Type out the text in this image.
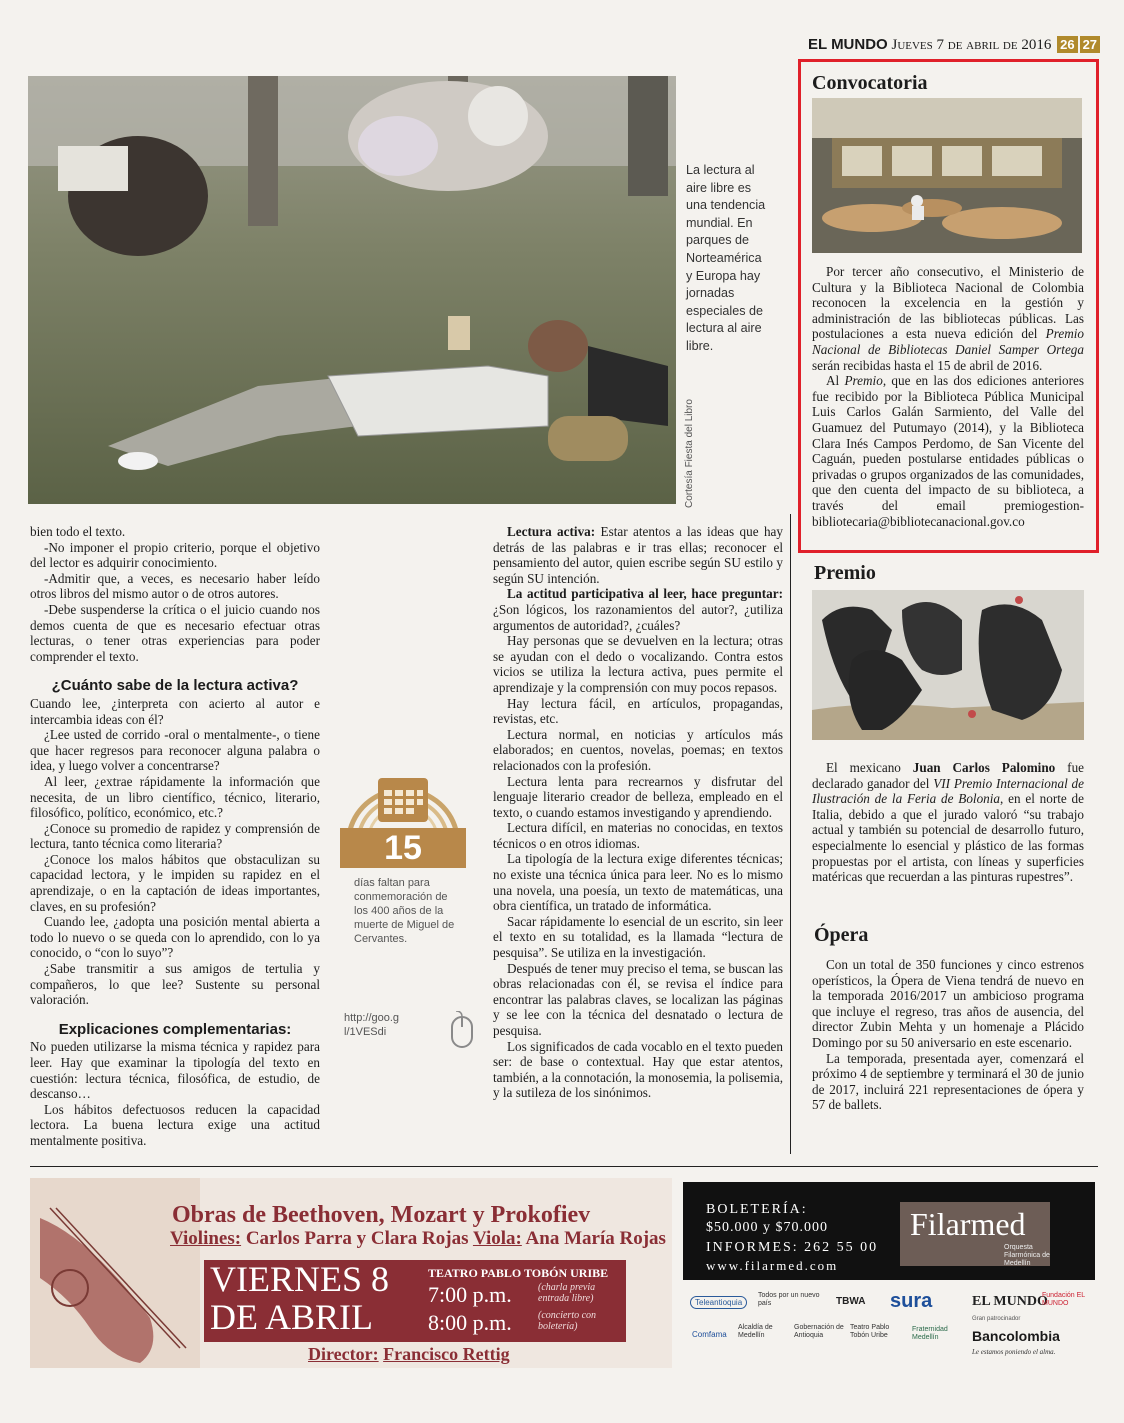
EL MUNDO Jueves 7 de abril de 2016 26 27
La lectura al aire libre es una tendencia mundial. En parques de Norteamérica y Europa hay jornadas especiales de lectura al aire libre.
Cortesía Fiesta del Libro

bien todo el texto.

-No imponer el propio criterio, porque el objetivo del lector es adquirir conocimiento.

-Admitir que, a veces, es necesario haber leído otros libros del mismo autor o de otros autores.

-Debe suspenderse la crítica o el juicio cuando nos demos cuenta de que es necesario efectuar otras lecturas, o tener otras experiencias para poder comprender el texto.

¿Cuánto sabe de la lectura activa?

Cuando lee, ¿interpreta con acierto al autor e intercambia ideas con él?

¿Lee usted de corrido -oral o mentalmente-, o tiene que hacer regresos para reconocer alguna palabra o idea, y luego volver a concentrarse?

Al leer, ¿extrae rápidamente la información que necesita, de un libro científico, técnico, literario, filosófico, político, económico, etc.?

¿Conoce su promedio de rapidez y comprensión de lectura, tanto técnica como literaria?

¿Conoce los malos hábitos que obstaculizan su capacidad lectora, y le impiden su rapidez en el aprendizaje, o en la captación de ideas importantes, claves, en su profesión?

Cuando lee, ¿adopta una posición mental abierta a todo lo nuevo o se queda con lo aprendido, con lo ya conocido, o “con lo suyo”?

¿Sabe transmitir a sus amigos de tertulia y compañeros, lo que lee? Sustente su personal valoración.

Explicaciones complementarias:

No pueden utilizarse la misma técnica y rapidez para leer. Hay que examinar la tipología del texto en cuestión: lectura técnica, filosófica, de estudio, de descanso…

Los hábitos defectuosos reducen la capacidad lectora. La buena lectura exige una actitud mentalmente positiva.

15
días faltan para conmemoración de los 400 años de la muerte de Miguel de Cervantes.
http://goo.gl/1VESdi

Lectura activa: Estar atentos a las ideas que hay detrás de las palabras e ir tras ellas; reconocer el pensamiento del autor, quien escribe según SU estilo y según SU intención.

La actitud participativa al leer, hace preguntar: ¿Son lógicos, los razonamientos del autor?, ¿utiliza argumentos de autoridad?, ¿cuáles?

Hay personas que se devuelven en la lectura; otras se ayudan con el dedo o vocalizando. Contra estos vicios se utiliza la lectura activa, pues permite el aprendizaje y la comprensión con muy pocos repasos.

Hay lectura fácil, en artículos, propagandas, revistas, etc.

Lectura normal, en noticias y artículos más elaborados; en cuentos, novelas, poemas; en textos relacionados con la profesión.

Lectura lenta para recrearnos y disfrutar del lenguaje literario creador de belleza, empleado en el texto, o cuando estamos investigando y aprendiendo.

Lectura difícil, en materias no conocidas, en textos técnicos o en otros idiomas.

La tipología de la lectura exige diferentes técnicas; no existe una técnica única para leer. No es lo mismo una novela, una poesía, un texto de matemáticas, una obra científica, un tratado de informática.

Sacar rápidamente lo esencial de un escrito, sin leer el texto en su totalidad, es la llamada “lectura de pesquisa”. Se utiliza en la investigación.

Después de tener muy preciso el tema, se buscan las obras relacionadas con él, se revisa el índice para encontrar las palabras claves, se localizan las páginas y se lee con la técnica del desnatado o lectura de pesquisa.

Los significados de cada vocablo en el texto pueden ser: de base o contextual. Hay que estar atentos, también, a la connotación, la monosemia, la polisemia, y la sutileza de los sinónimos.

Convocatoria

Por tercer año consecutivo, el Ministerio de Cultura y la Biblioteca Nacional de Colombia reconocen la excelencia en la gestión y administración de las bibliotecas públicas. Las postulaciones a esta nueva edición del Premio Nacional de Bibliotecas Daniel Samper Ortega serán recibidas hasta el 15 de abril de 2016.

Al Premio, que en las dos ediciones anteriores fue recibido por la Biblioteca Pública Municipal Luis Carlos Galán Sarmiento, del Valle del Guamuez del Putumayo (2014), y la Biblioteca Clara Inés Campos Perdomo, de San Vicente del Caguán, pueden postularse entidades públicas o privadas o grupos organizados de las comunidades, que den cuenta del impacto de su biblioteca, a través del email premiogestion-bibliotecaria@bibliotecanacional.gov.co

Premio

El mexicano Juan Carlos Palomino fue declarado ganador del VII Premio Internacional de Ilustración de la Feria de Bolonia, en el norte de Italia, debido a que el jurado valoró “su trabajo actual y también su potencial de desarrollo futuro, especialmente lo esencial y plástico de las formas propuestas por el artista, con líneas y superficies matéricas que recuerdan a las pinturas rupestres”.

Ópera

Con un total de 350 funciones y cinco estrenos operísticos, la Ópera de Viena tendrá de nuevo en la temporada 2016/2017 un ambicioso programa que incluye el regreso, tras años de ausencia, del director Zubin Mehta y un homenaje a Plácido Domingo por su 50 aniversario en este escenario.

La temporada, presentada ayer, comenzará el próximo 4 de septiembre y terminará el 30 de junio de 2017, incluirá 221 representaciones de ópera y 57 de ballets.

Obras de Beethoven, Mozart y Prokofiev
Violines: Carlos Parra y Clara Rojas Viola: Ana María Rojas
VIERNES 8
DE ABRIL
TEATRO PABLO TOBÓN URIBE
7:00 p.m.	(charla previa entrada libre)
8:00 p.m.	(concierto con boletería)
Director: Francisco Rettig
BOLETERÍA:
$50.000 y $70.000
INFORMES: 262 55 00
www.filarmed.com
Filarmed
Orquesta Filarmónica de Medellín
Teleantioquia
Todos por un nuevo país	TBWA sura	EL MUNDO
Fundación EL MUNDO
Comfama
Alcaldía de Medellín
Gobernación de Antioquia
Teatro Pablo Tobón Uribe
Fraternidad Medellín
Gran patrocinador
Bancolombia
Le estamos poniendo el alma.
